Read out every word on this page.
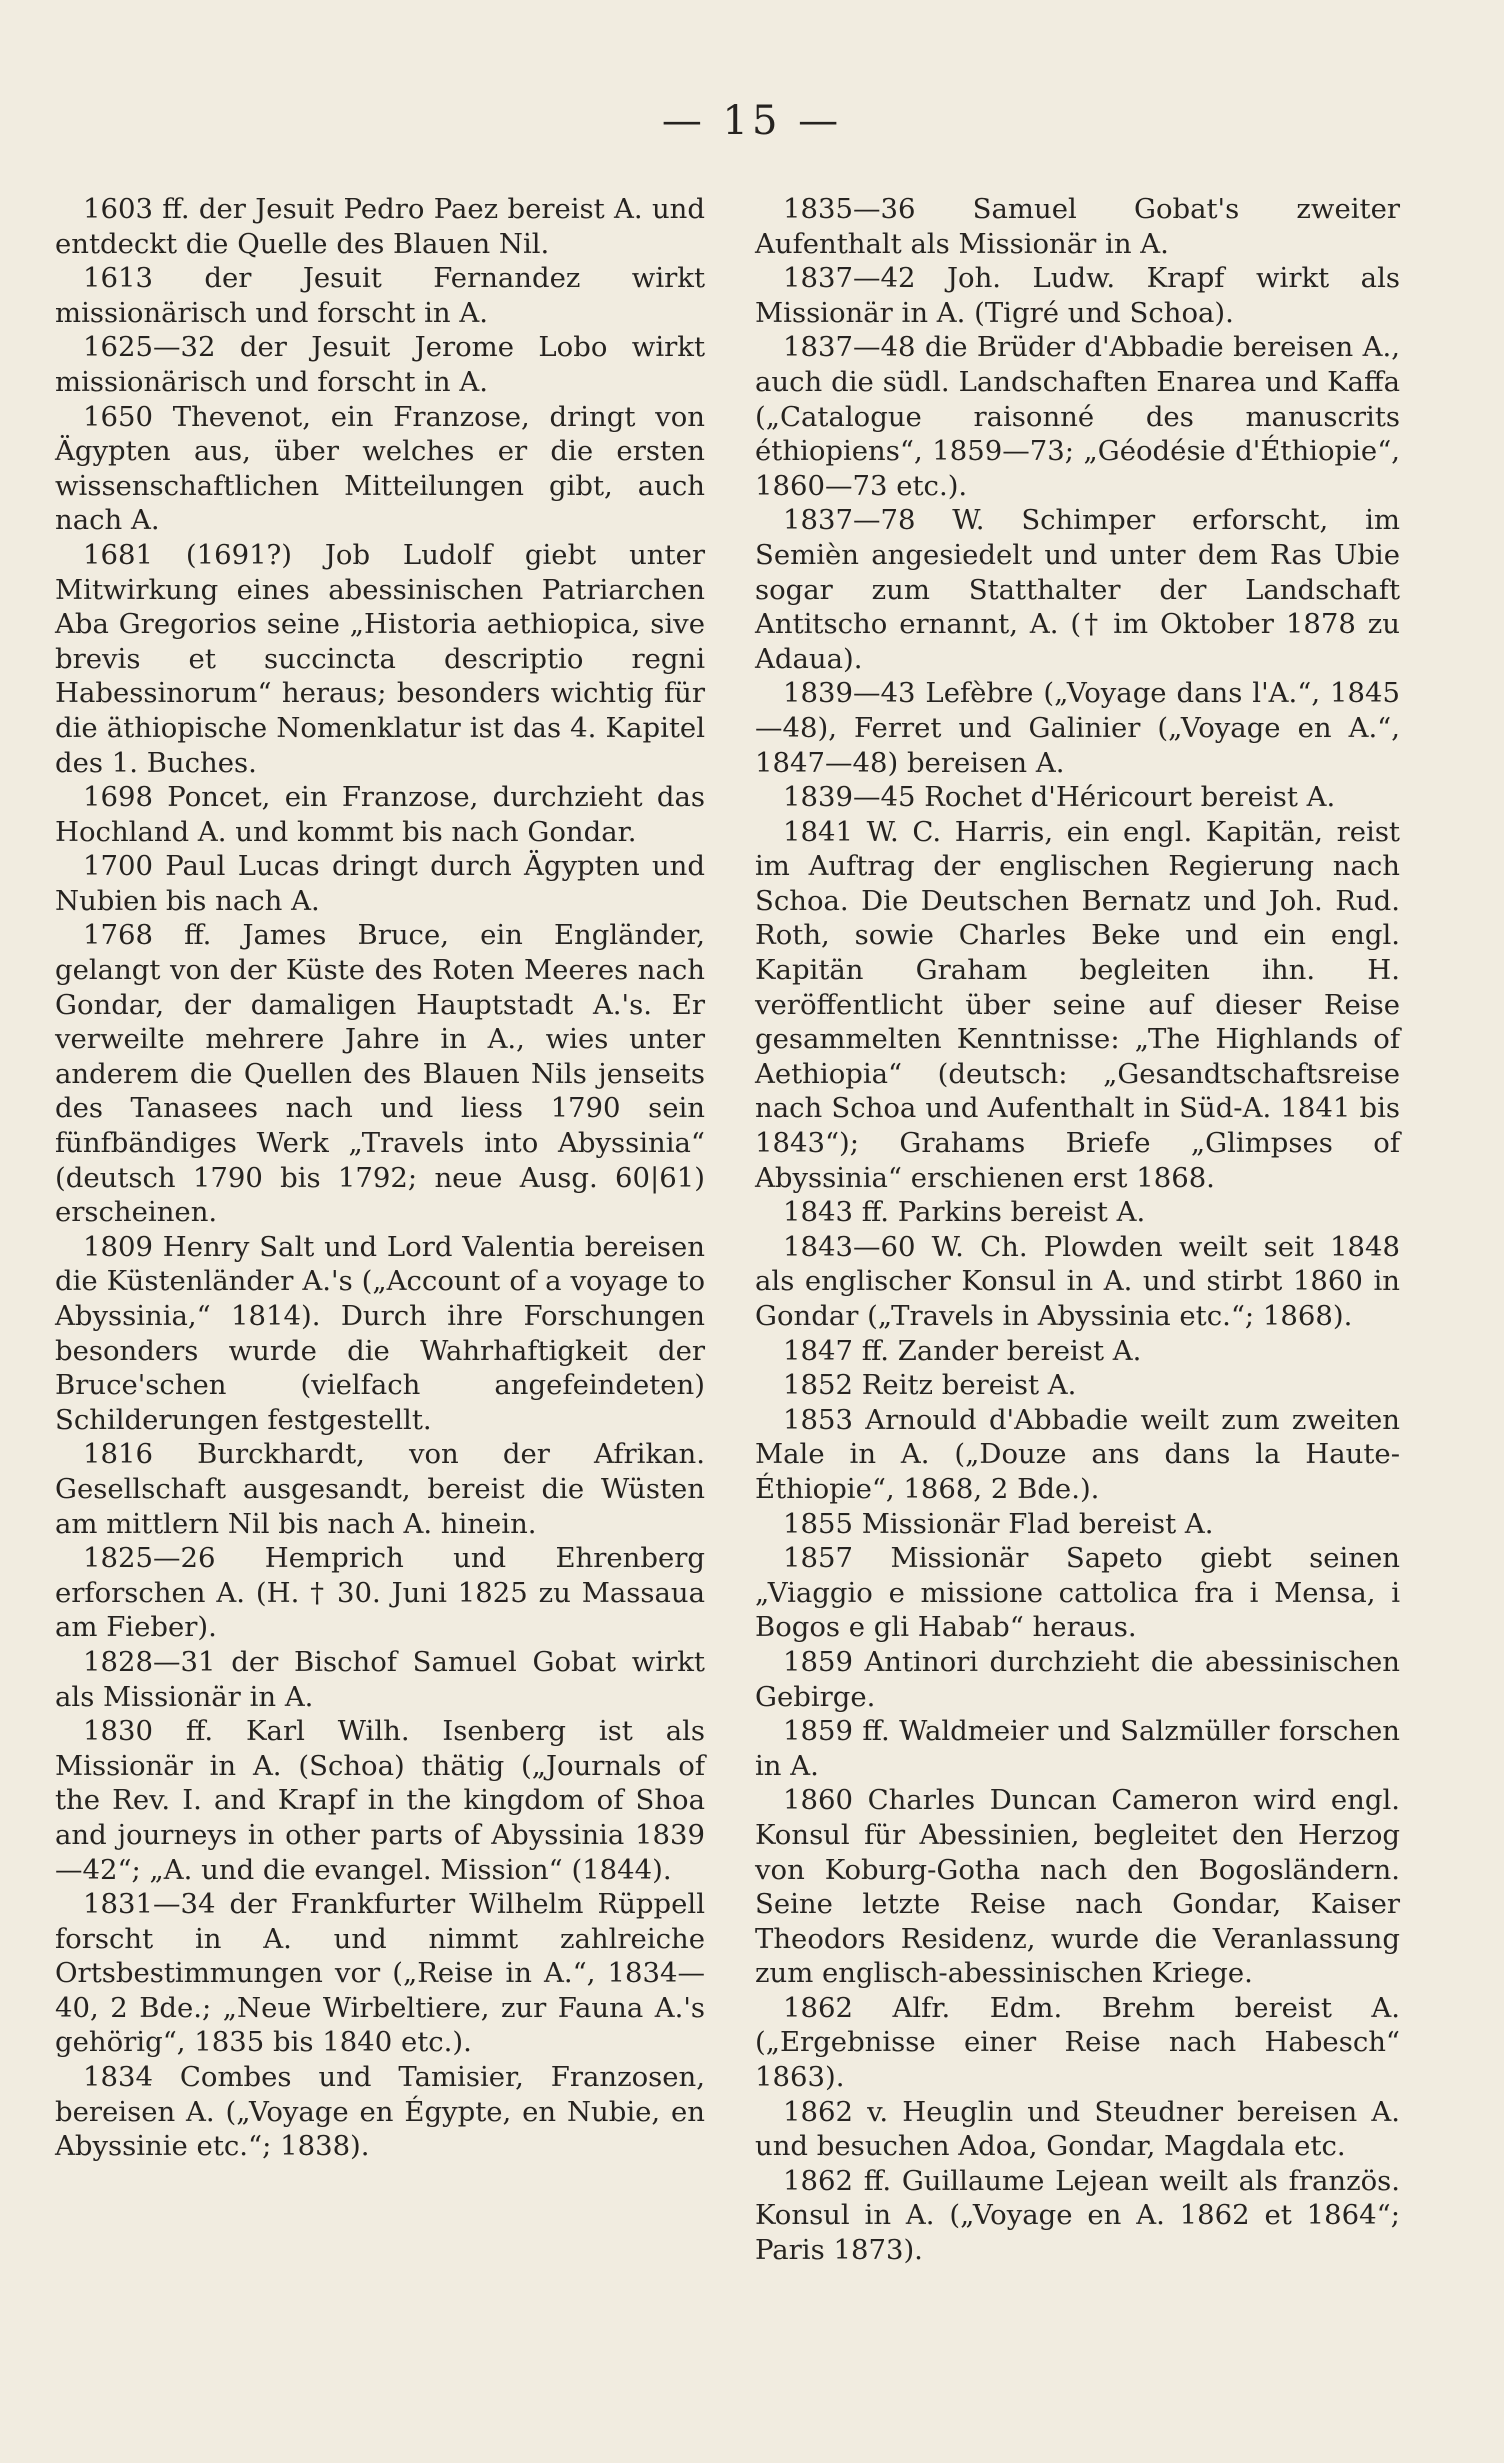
— 15 —

1603 ff. der Jesuit Pedro Paez bereist A. und entdeckt die Quelle des Blauen Nil.

1613 der Jesuit Fernandez wirkt missionärisch und forscht in A.

1625—32 der Jesuit Jerome Lobo wirkt missionärisch und forscht in A.

1650 Thevenot, ein Franzose, dringt von Ägypten aus, über welches er die ersten wissenschaftlichen Mitteilungen gibt, auch nach A.

1681 (1691?) Job Ludolf giebt unter Mitwirkung eines abessinischen Patriarchen Aba Gregorios seine „Historia aethiopica, sive brevis et succincta descriptio regni Habessinorum“ heraus; besonders wichtig für die äthiopische Nomenklatur ist das 4. Kapitel des 1. Buches.

1698 Poncet, ein Franzose, durchzieht das Hochland A. und kommt bis nach Gondar.

1700 Paul Lucas dringt durch Ägypten und Nubien bis nach A.

1768 ff. James Bruce, ein Engländer, gelangt von der Küste des Roten Meeres nach Gondar, der damaligen Hauptstadt A.'s. Er verweilte mehrere Jahre in A., wies unter anderem die Quellen des Blauen Nils jenseits des Tanasees nach und liess 1790 sein fünfbändiges Werk „Travels into Abyssinia“ (deutsch 1790 bis 1792; neue Ausg. 60|61) erscheinen.

1809 Henry Salt und Lord Valentia bereisen die Küstenländer A.'s („Account of a voyage to Abyssinia,“ 1814). Durch ihre Forschungen besonders wurde die Wahrhaftigkeit der Bruce'schen (vielfach angefeindeten) Schilderungen festgestellt.

1816 Burckhardt, von der Afrikan. Gesellschaft ausgesandt, bereist die Wüsten am mittlern Nil bis nach A. hinein.

1825—26 Hemprich und Ehrenberg erforschen A. (H. † 30. Juni 1825 zu Massaua am Fieber).

1828—31 der Bischof Samuel Gobat wirkt als Missionär in A.

1830 ff. Karl Wilh. Isenberg ist als Missionär in A. (Schoa) thätig („Journals of the Rev. I. and Krapf in the kingdom of Shoa and journeys in other parts of Abyssinia 1839—42“; „A. und die evangel. Mission“ (1844).

1831—34 der Frankfurter Wilhelm Rüppell forscht in A. und nimmt zahlreiche Ortsbestimmungen vor („Reise in A.“, 1834—40, 2 Bde.; „Neue Wirbeltiere, zur Fauna A.'s gehörig“, 1835 bis 1840 etc.).

1834 Combes und Tamisier, Franzosen, bereisen A. („Voyage en Égypte, en Nubie, en Abyssinie etc.“; 1838).

1835—36 Samuel Gobat's zweiter Aufenthalt als Missionär in A.

1837—42 Joh. Ludw. Krapf wirkt als Missionär in A. (Tigré und Schoa).

1837—48 die Brüder d'Abbadie bereisen A., auch die südl. Landschaften Enarea und Kaffa („Catalogue raisonné des manuscrits éthiopiens“, 1859—73; „Géodésie d'Éthiopie“, 1860—73 etc.).

1837—78 W. Schimper erforscht, im Semièn angesiedelt und unter dem Ras Ubie sogar zum Statthalter der Landschaft Antitscho ernannt, A. († im Oktober 1878 zu Adaua).

1839—43 Lefèbre („Voyage dans l'A.“, 1845—48), Ferret und Galinier („Voyage en A.“, 1847—48) bereisen A.

1839—45 Rochet d'Héricourt bereist A.

1841 W. C. Harris, ein engl. Kapitän, reist im Auftrag der englischen Regierung nach Schoa. Die Deutschen Bernatz und Joh. Rud. Roth, sowie Charles Beke und ein engl. Kapitän Graham begleiten ihn. H. veröffentlicht über seine auf dieser Reise gesammelten Kenntnisse: „The Highlands of Aethiopia“ (deutsch: „Gesandtschaftsreise nach Schoa und Aufenthalt in Süd-A. 1841 bis 1843“); Grahams Briefe „Glimpses of Abyssinia“ erschienen erst 1868.

1843 ff. Parkins bereist A.

1843—60 W. Ch. Plowden weilt seit 1848 als englischer Konsul in A. und stirbt 1860 in Gondar („Travels in Abyssinia etc.“; 1868).

1847 ff. Zander bereist A.

1852 Reitz bereist A.

1853 Arnould d'Abbadie weilt zum zweiten Male in A. („Douze ans dans la Haute-Éthiopie“, 1868, 2 Bde.).

1855 Missionär Flad bereist A.

1857 Missionär Sapeto giebt seinen „Viaggio e missione cattolica fra i Mensa, i Bogos e gli Habab“ heraus.

1859 Antinori durchzieht die abessinischen Gebirge.

1859 ff. Waldmeier und Salzmüller forschen in A.

1860 Charles Duncan Cameron wird engl. Konsul für Abessinien, begleitet den Herzog von Koburg-Gotha nach den Bogosländern. Seine letzte Reise nach Gondar, Kaiser Theodors Residenz, wurde die Veranlassung zum englisch-abessinischen Kriege.

1862 Alfr. Edm. Brehm bereist A. („Ergebnisse einer Reise nach Habesch“ 1863).

1862 v. Heuglin und Steudner bereisen A. und besuchen Adoa, Gondar, Magdala etc.

1862 ff. Guillaume Lejean weilt als französ. Konsul in A. („Voyage en A. 1862 et 1864“; Paris 1873).
